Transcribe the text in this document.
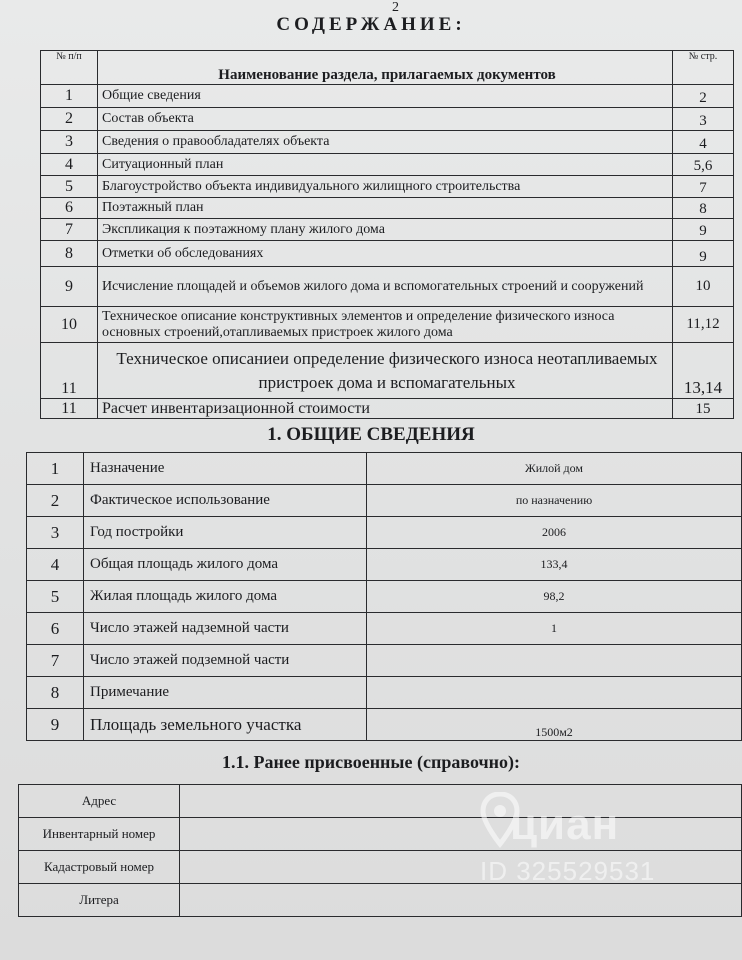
2
СОДЕРЖАНИЕ:
№ п/п	Наименование раздела, прилагаемых документов	№ стр.
1	Общие сведения	2
2	Состав объекта	3
3	Сведения о правообладателях объекта	4
4	Ситуационный план	5,6
5	Благоустройство объекта индивидуального жилищного строительства	7
6	Поэтажный план	8
7	Экспликация к поэтажному плану жилого дома	9
8	Отметки об обследованиях	9
9	Исчисление площадей и объемов жилого дома и вспомогательных строений и сооружений	10
10	Техническое описание конструктивных элементов и определение физического износа основных строений,отапливаемых пристроек жилого дома	11,12
11	Техническое описаниеи определение физического износа неотапливаемых пристроек дома и вспомагательных	13,14
11	Расчет инвентаризационной стоимости	15
1. ОБЩИЕ СВЕДЕНИЯ
1	Назначение	Жилой дом
2	Фактическое использование	по назначению
3	Год постройки	2006
4	Общая площадь жилого дома	133,4
5	Жилая площадь жилого дома	98,2
6	Число этажей надземной части	1
7	Число этажей подземной части	
8	Примечание	
9	Площадь земельного участка	1500м2
1.1. Ранее присвоенные (справочно):
Адрес	
Инвентарный номер	
Кадастровый номер	
Литера	
циан
ID 325529531
